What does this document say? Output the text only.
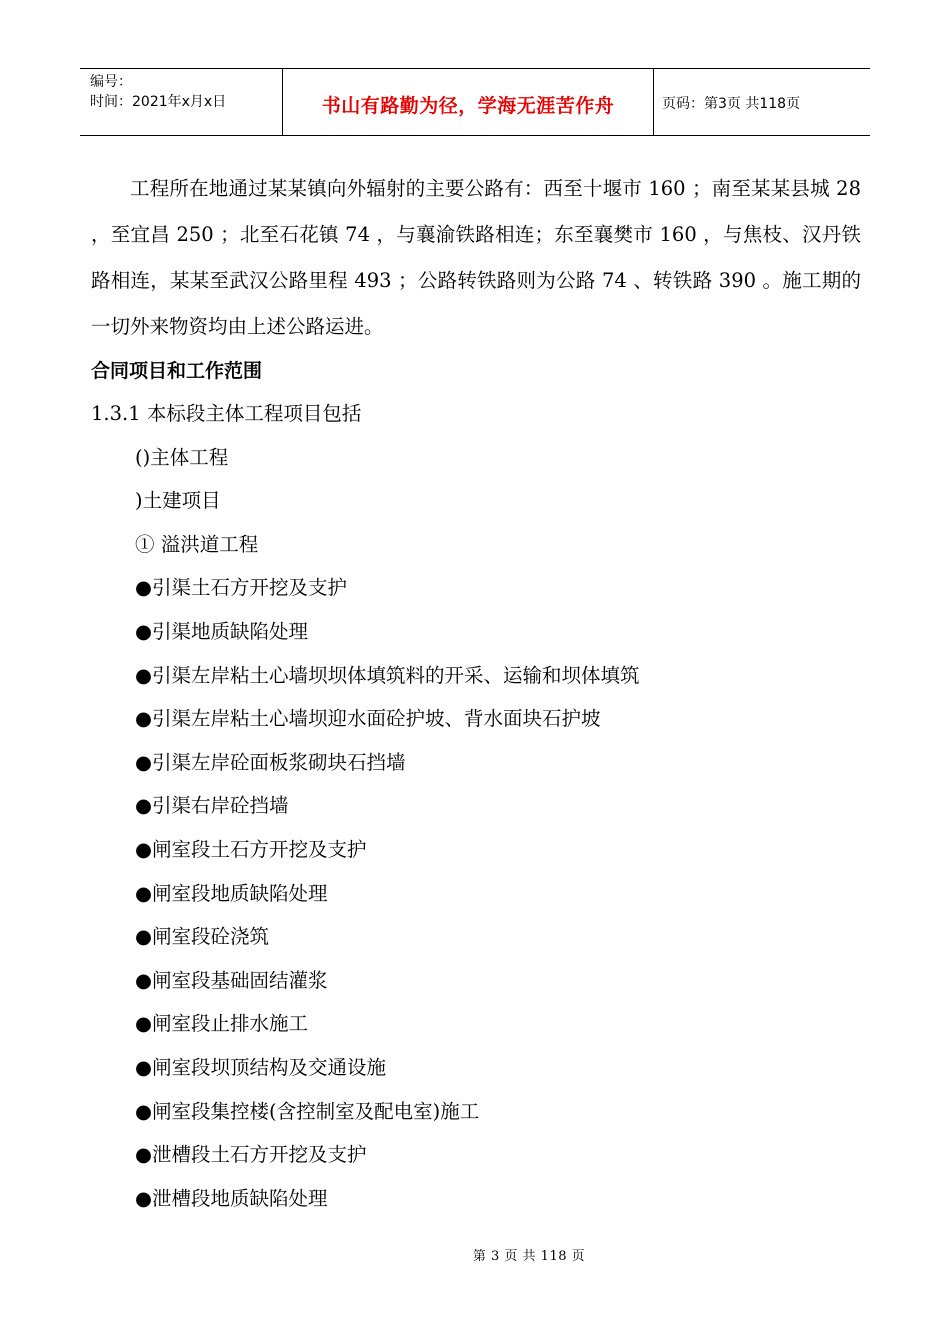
编号：
时间：2021年x月x日	书山有路勤为径，学海无涯苦作舟	页码：第3页 共118页

工程所在地通过某某镇向外辐射的主要公路有：西至十堰市 160 ；南至某某县城 28 ，至宜昌 250 ；北至石花镇 74 ，与襄渝铁路相连；东至襄樊市 160 ，与焦枝、汉丹铁路相连，某某至武汉公路里程 493 ；公路转铁路则为公路 74 、转铁路 390 。施工期的一切外来物资均由上述公路运进。

合同项目和工作范围

1.3.1 本标段主体工程项目包括

()主体工程

)土建项目

① 溢洪道工程

●引渠土石方开挖及支护

●引渠地质缺陷处理

●引渠左岸粘土心墙坝坝体填筑料的开采、运输和坝体填筑

●引渠左岸粘土心墙坝迎水面砼护坡、背水面块石护坡

●引渠左岸砼面板浆砌块石挡墙

●引渠右岸砼挡墙

●闸室段土石方开挖及支护

●闸室段地质缺陷处理

●闸室段砼浇筑

●闸室段基础固结灌浆

●闸室段止排水施工

●闸室段坝顶结构及交通设施

●闸室段集控楼(含控制室及配电室)施工

●泄槽段土石方开挖及支护

●泄槽段地质缺陷处理

第 3 页 共 118 页
